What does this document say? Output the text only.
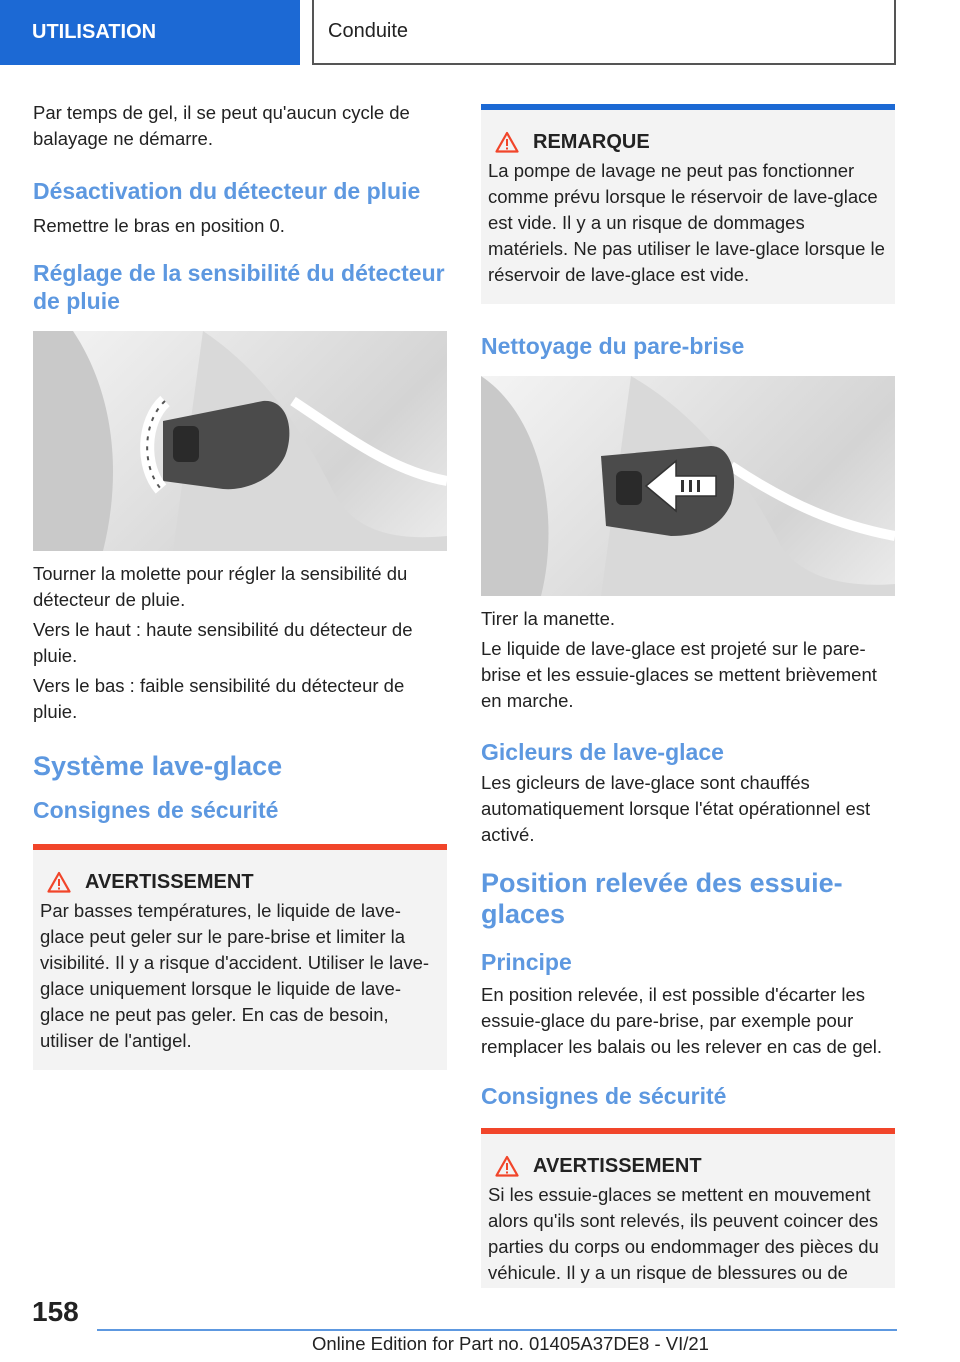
UTILISATION	Conduite

Par temps de gel, il se peut qu'aucun cycle de balayage ne démarre.

Désactivation du détecteur de pluie

Remettre le bras en position 0.

Réglage de la sensibilité du détecteur de pluie

Tourner la molette pour régler la sensibilité du détecteur de pluie.

Vers le haut : haute sensibilité du détecteur de pluie.

Vers le bas : faible sensibilité du détecteur de pluie.

Système lave-glace
Consignes de sécurité
AVERTISSEMENT

Par basses températures, le liquide de lave-glace peut geler sur le pare-brise et limiter la visibilité. Il y a risque d'accident. Utiliser le lave-glace uniquement lorsque le liquide de lave-glace ne peut pas geler. En cas de besoin, utiliser de l'antigel.

REMARQUE

La pompe de lavage ne peut pas fonctionner comme prévu lorsque le réservoir de lave-glace est vide. Il y a un risque de dommages matériels. Ne pas utiliser le lave-glace lorsque le réservoir de lave-glace est vide.

Nettoyage du pare-brise

Tirer la manette.

Le liquide de lave-glace est projeté sur le pare-brise et les essuie-glaces se mettent brièvement en marche.

Gicleurs de lave-glace

Les gicleurs de lave-glace sont chauffés automatiquement lorsque l'état opérationnel est activé.

Position relevée des essuie-glaces
Principe

En position relevée, il est possible d'écarter les essuie-glace du pare-brise, par exemple pour remplacer les balais ou les relever en cas de gel.

Consignes de sécurité
AVERTISSEMENT

Si les essuie-glaces se mettent en mouvement alors qu'ils sont relevés, ils peuvent coincer des parties du corps ou endommager des pièces du véhicule. Il y a un risque de blessures ou de

158
Online Edition for Part no. 01405A37DE8 - VI/21
